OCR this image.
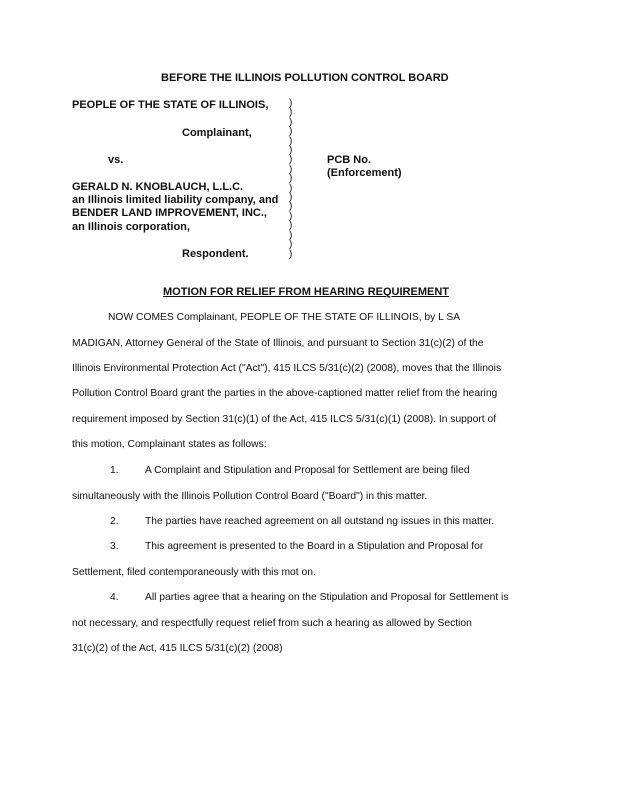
BEFORE THE ILLINOIS POLLUTION CONTROL BOARD
PEOPLE OF THE STATE OF ILLINOIS,
Complainant,
vs.
GERALD N. KNOBLAUCH, L.L.C.
an Illinois limited liability company, and
BENDER LAND IMPROVEMENT, INC.,
an Illinois corporation,
Respondent.
)
)
)
)
)
)
)
)
)
)
)
)
)
)
)
)
)
PCB No.
(Enforcement)
MOTION FOR RELIEF FROM HEARING REQUIREMENT
NOW COMES Complainant, PEOPLE OF THE STATE OF ILLINOIS, by L SA
MADIGAN, Attorney General of the State of Illinois, and pursuant to Section 31(c)(2) of the
Illinois Environmental Protection Act ("Act"), 415 ILCS 5/31(c)(2) (2008), moves that the Illinois
Pollution Control Board grant the parties in the above-captioned matter relief from the hearing
requirement imposed by Section 31(c)(1) of the Act, 415 ILCS 5/31(c)(1) (2008). In support of
this motion, Complainant states as follows:
1.	A Complaint and Stipulation and Proposal for Settlement are being filed
simultaneously with the Illinois Pollution Control Board ("Board") in this matter.
2.	The parties have reached agreement on all outstand ng issues in this matter.
3.	This agreement is presented to the Board in a Stipulation and Proposal for
Settlement, filed contemporaneously with this mot on.
4.	All parties agree that a hearing on the Stipulation and Proposal for Settlement is
not necessary, and respectfully request relief from such a hearing as allowed by Section
31(c)(2) of the Act, 415 ILCS 5/31(c)(2) (2008)
